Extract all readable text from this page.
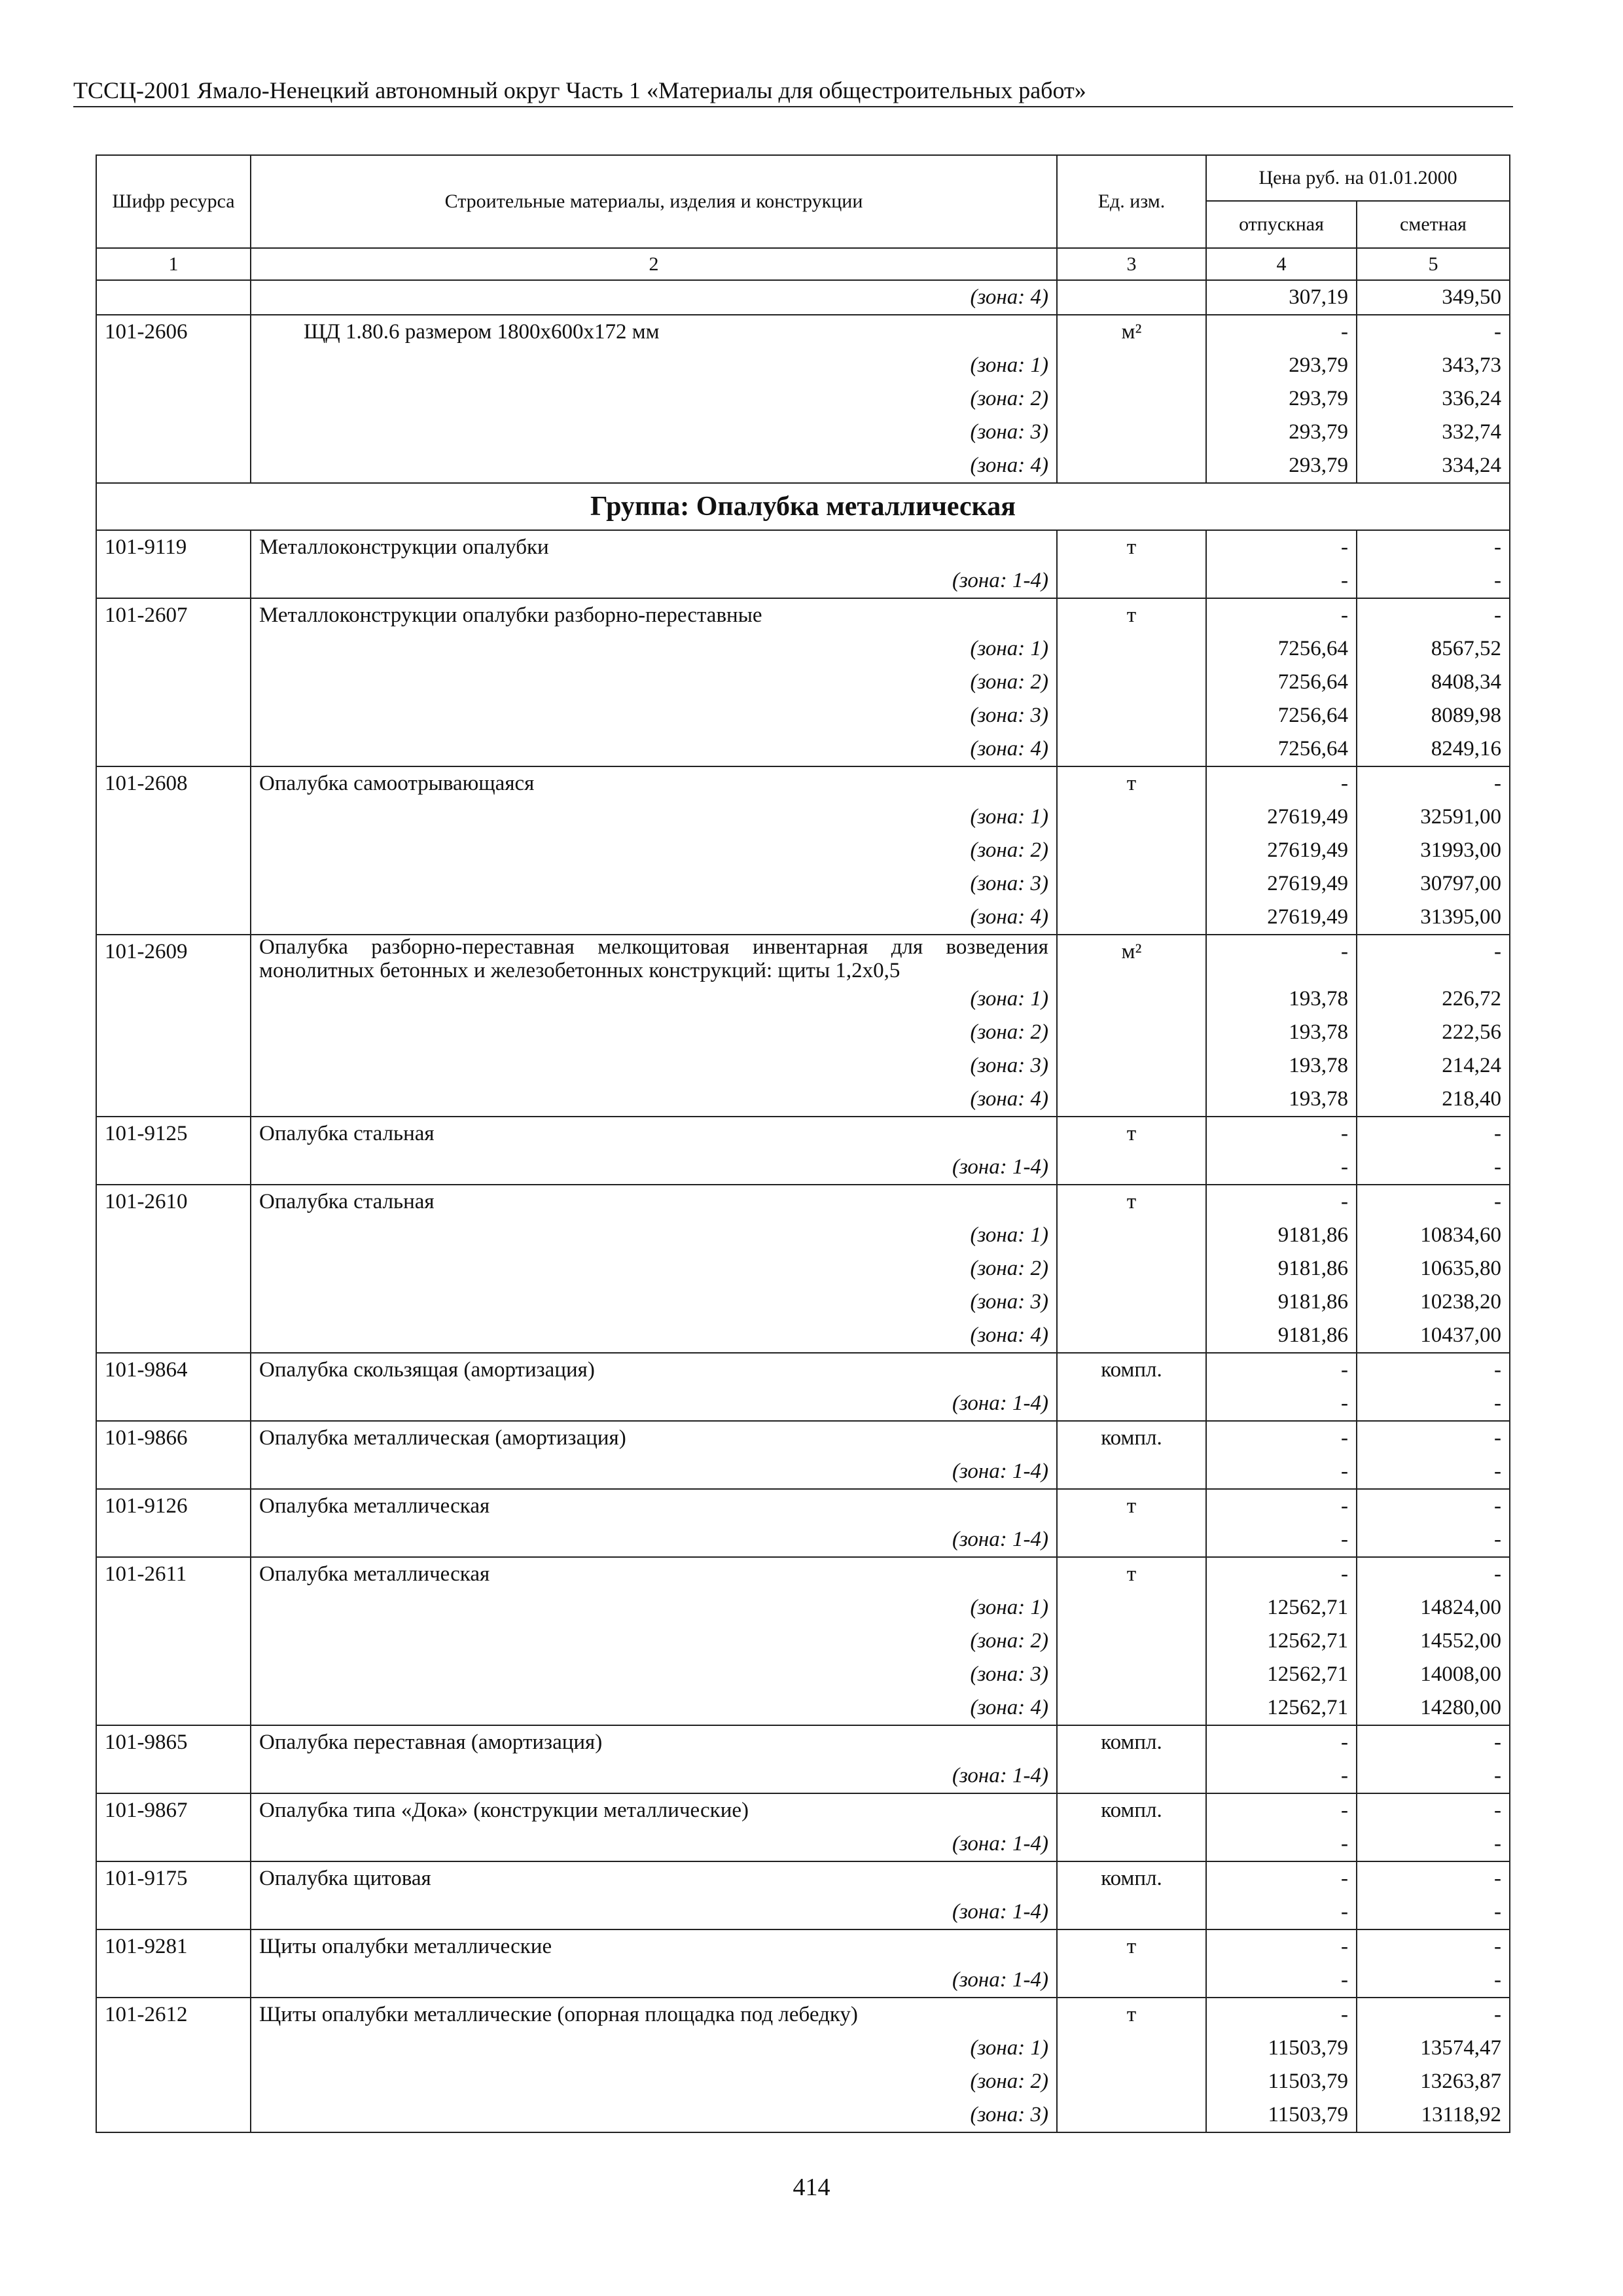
ТССЦ-2001 Ямало-Ненецкий автономный округ Часть 1 «Материалы для общестроительных работ»
Шифр ресурса	Строительные материалы, изделия и конструкции	Ед. изм.	Цена руб. на 01.01.2000	
			отпускная	сметная
1	2	3	4	5
	(зона: 4)		307,19	349,50
101-2606	ЩД 1.80.6 размером 1800x600x172 мм	м²	-	-
	(зона: 1)		293,79	343,73
	(зона: 2)		293,79	336,24
	(зона: 3)		293,79	332,74
	(зона: 4)		293,79	334,24
Группа: Опалубка металлическая				
101-9119	Металлоконструкции опалубки	т	-	-
	(зона: 1-4)		-	-
101-2607	Металлоконструкции опалубки разборно-переставные	т	-	-
	(зона: 1)		7256,64	8567,52
	(зона: 2)		7256,64	8408,34
	(зона: 3)		7256,64	8089,98
	(зона: 4)		7256,64	8249,16
101-2608	Опалубка самоотрывающаяся	т	-	-
	(зона: 1)		27619,49	32591,00
	(зона: 2)		27619,49	31993,00
	(зона: 3)		27619,49	30797,00
	(зона: 4)		27619,49	31395,00
101-2609	Опалубка разборно-переставная мелкощитовая инвентарная для возведения монолитных бетонных и железобетонных конструкций: щиты 1,2x0,5	м²	-	-
	(зона: 1)		193,78	226,72
	(зона: 2)		193,78	222,56
	(зона: 3)		193,78	214,24
	(зона: 4)		193,78	218,40
101-9125	Опалубка стальная	т	-	-
	(зона: 1-4)		-	-
101-2610	Опалубка стальная	т	-	-
	(зона: 1)		9181,86	10834,60
	(зона: 2)		9181,86	10635,80
	(зона: 3)		9181,86	10238,20
	(зона: 4)		9181,86	10437,00
101-9864	Опалубка скользящая (амортизация)	компл.	-	-
	(зона: 1-4)		-	-
101-9866	Опалубка металлическая (амортизация)	компл.	-	-
	(зона: 1-4)		-	-
101-9126	Опалубка металлическая	т	-	-
	(зона: 1-4)		-	-
101-2611	Опалубка металлическая	т	-	-
	(зона: 1)		12562,71	14824,00
	(зона: 2)		12562,71	14552,00
	(зона: 3)		12562,71	14008,00
	(зона: 4)		12562,71	14280,00
101-9865	Опалубка переставная (амортизация)	компл.	-	-
	(зона: 1-4)		-	-
101-9867	Опалубка типа «Дока» (конструкции металлические)	компл.	-	-
	(зона: 1-4)		-	-
101-9175	Опалубка щитовая	компл.	-	-
	(зона: 1-4)		-	-
101-9281	Щиты опалубки металлические	т	-	-
	(зона: 1-4)		-	-
101-2612	Щиты опалубки металлические (опорная площадка под лебедку)	т	-	-
	(зона: 1)		11503,79	13574,47
	(зона: 2)		11503,79	13263,87
	(зона: 3)		11503,79	13118,92
414
